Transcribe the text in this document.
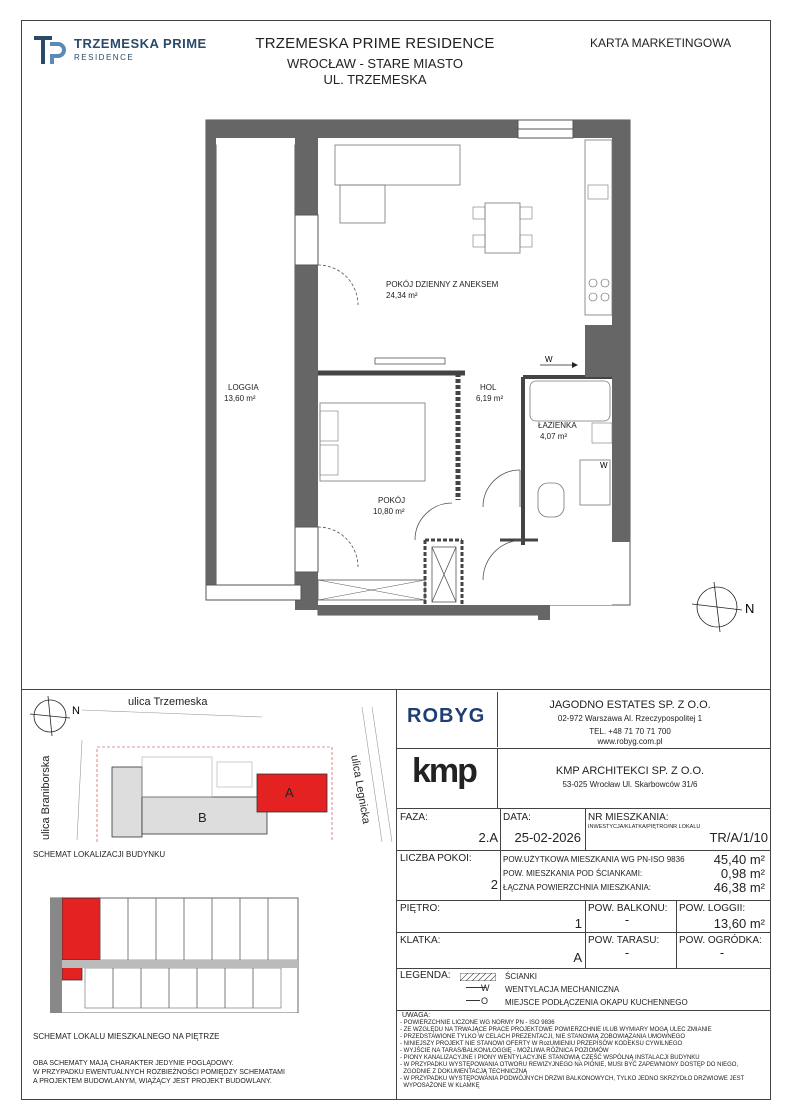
TRZEMESKA PRIME
RESIDENCE
TRZEMESKA PRIME RESIDENCE
WROCŁAW - STARE MIASTO
UL. TRZEMESKA
KARTA MARKETINGOWA
W
W
N
POKÓJ DZIENNY Z ANEKSEM
24,34 m²
HOL
6,19 m²
ŁAZIENKA
4,07 m²
POKÓJ
10,80 m²
LOGGIA
13,60 m²
N
ulica Trzemeska
ulica Braniborska	ulica Legnicka
A
B
SCHEMAT LOKALIZACJI BUDYNKU
SCHEMAT LOKALU MIESZKALNEGO NA PIĘTRZE
OBA SCHEMATY MAJĄ CHARAKTER JEDYNIE POGLĄDOWY.
W PRZYPADKU EWENTUALNYCH ROZBIEŻNOŚCI POMIĘDZY SCHEMATAMI
A PROJEKTEM BUDOWLANYM, WIĄŻĄCY JEST PROJEKT BUDOWLANY.
ROBYG	JAGODNO ESTATES SP. Z O.O.
02-972 Warszawa Al. Rzeczypospolitej 1
TEL. +48 71 70 71 700
www.robyg.com.pl
kmp	KMP ARCHITEKCI SP. Z O.O.
53-025 Wrocław Ul. Skarbowców 31/6
FAZA:
2.A
DATA:
25-02-2026
NR MIESZKANIA:
INWESTYCJA/KLATKA/PIĘTRO/NR LOKALU
TR/A/1/10
LICZBA POKOI:
2
POW.UŻYTKOWA MIESZKANIA WG PN-ISO 9836	45,40 m²
POW. MIESZKANIA POD ŚCIANKAMI:	0,98 m²
ŁĄCZNA POWIERZCHNIA MIESZKANIA:	46,38 m²
PIĘTRO:
1
POW. BALKONU:
-
POW. LOGGII:
13,60 m²
KLATKA:
A
POW. TARASU:
-
POW. OGRÓDKA:
-
LEGENDA:	ŚCIANKI
W WENTYLACJA MECHANICZNA
O MIEJSCE PODŁĄCZENIA OKAPU KUCHENNEGO
UWAGA:
- POWIERZCHNIE LICZONE WG NORMY PN - ISO 9836
- ZE WZGLĘDU NA TRWAJĄCE PRACE PROJEKTOWE POWIERZCHNIE I/LUB WYMIARY MOGĄ ULEC ZMIANIE
- PRZEDSTAWIONE TYLKO W CELACH PREZENTACJI, NIE STANOWIĄ ZOBOWIĄZANIA UMOWNEGO
- NINIEJSZY PROJEKT NIE STANOWI OFERTY W RozUMIENIU PRZEPISÓW KODEKSU CYWILNEGO
- WYJŚCIE NA TARAS/BALKON/LOGGIĘ - MOŻLIWA RÓŻNICA POZIOMÓW
- PIONY KANALIZACYJNE I PIONY WENTYLACYJNE STANOWIĄ CZĘŚĆ WSPÓLNĄ INSTALACJI BUDYNKU
- W PRZYPADKU WYSTĘPOWANIA OTWORU REWIZYJNEGO NA PIONIE, MUSI BYĆ ZAPEWNIONY DOSTĘP DO NIEGO,
ZGODNIE Z DOKUMENTACJĄ TECHNICZNĄ
- W PRZYPADKU WYSTĘPOWANIA PODWÓJNYCH DRZWI BALKONOWYCH, TYLKO JEDNO SKRZYDŁO DRZWIOWE JEST
WYPOSAŻONE W KLAMKĘ
